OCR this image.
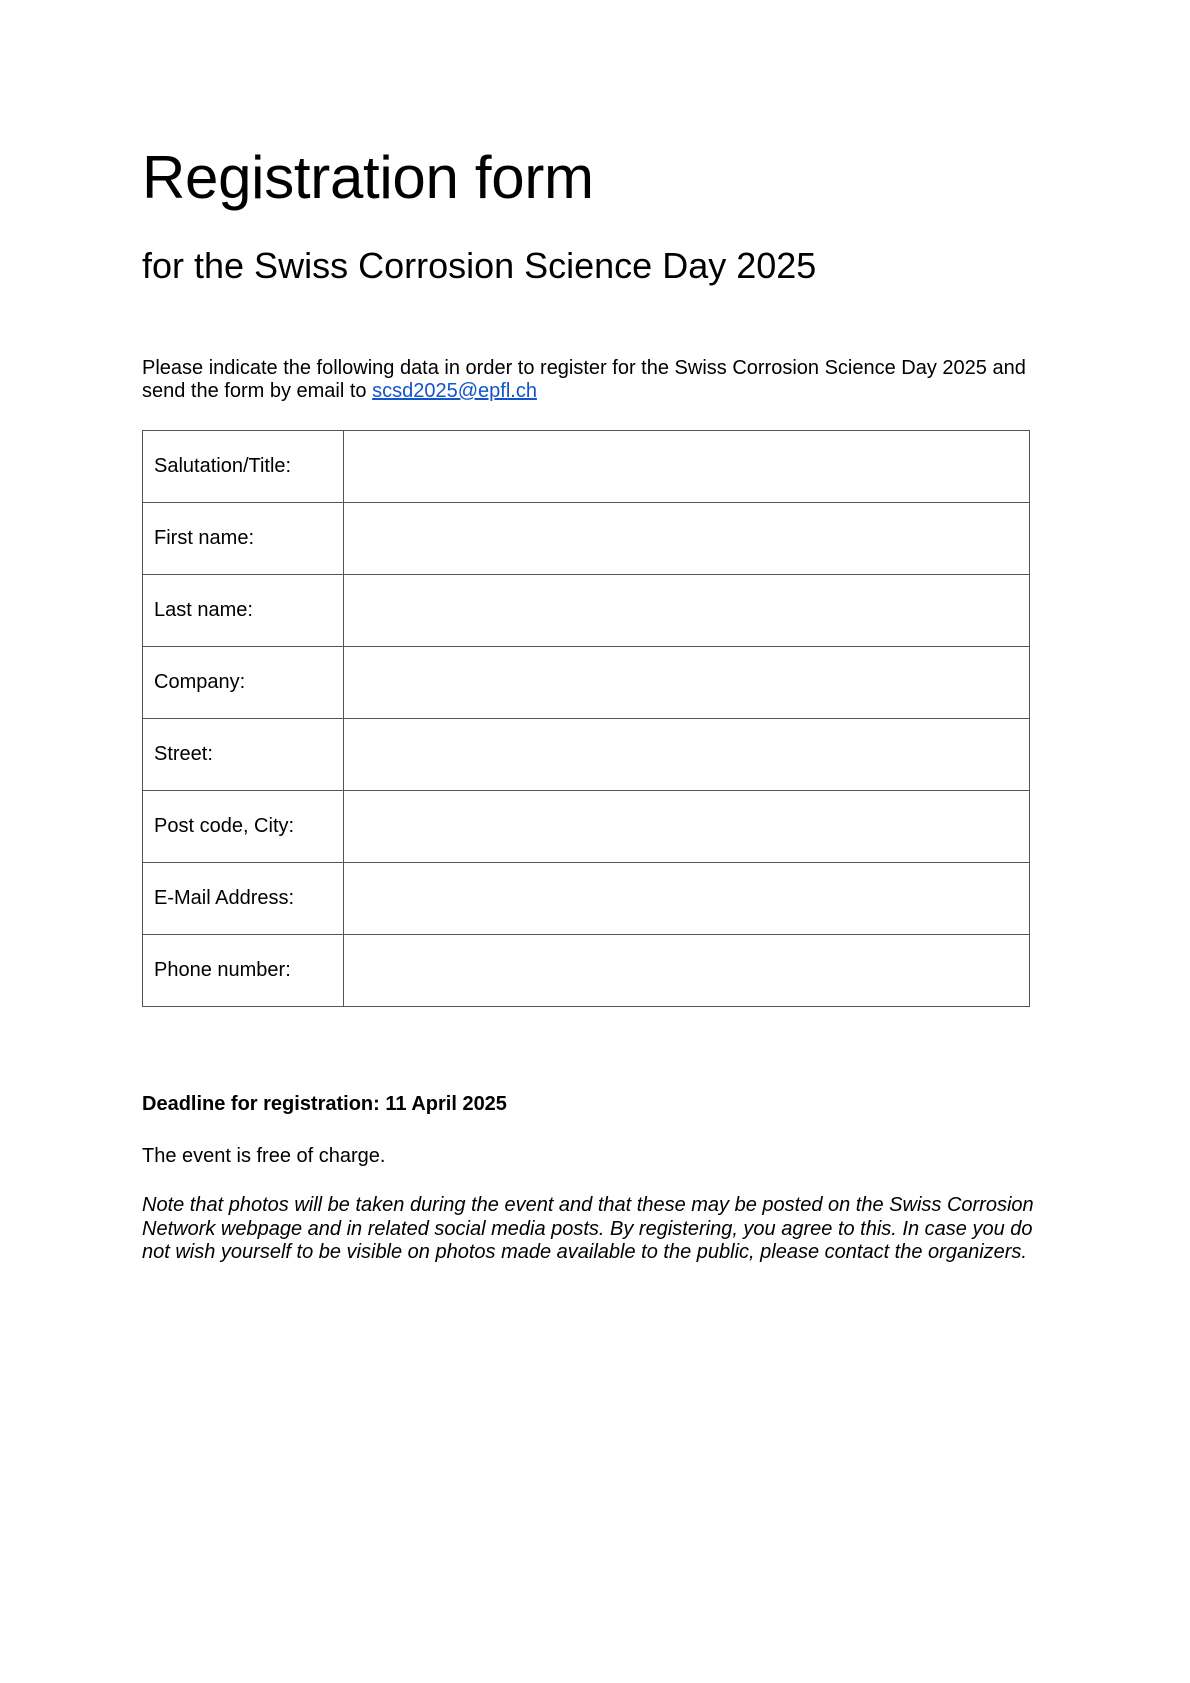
Registration form
for the Swiss Corrosion Science Day 2025

Please indicate the following data in order to register for the Swiss Corrosion Science Day 2025 and send the form by email to scsd2025@epfl.ch

Salutation/Title:	
First name:	
Last name:	
Company:	
Street:	
Post code, City:	
E-Mail Address:	
Phone number:	

Deadline for registration: 11 April 2025

The event is free of charge.

Note that photos will be taken during the event and that these may be posted on the Swiss Corrosion Network webpage and in related social media posts. By registering, you agree to this. In case you do not wish yourself to be visible on photos made available to the public, please contact the organizers.
